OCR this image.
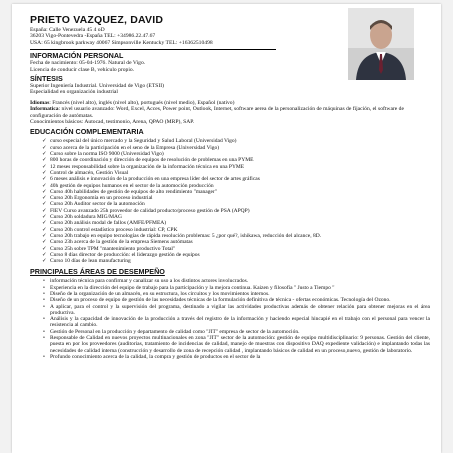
PRIETO VAZQUEZ, DAVID
España: Calle Venezuela 45 4 oD
36203 Vigo-Pontevedra -España TEL: +34986.22.47.67
USA: 65 kingbrook parkway 40067 Simpsonville Kentucky TEL: +16362510498
INFORMACIÓN PERSONAL
Fecha de nacimiento: 05-04-1976. Natural de Vigo.
Licencia de conducir clase B, vehículo propio.
SÍNTESIS
Superior Ingeniería Industrial. Universidad de Vigo (ETSII)
Especialidad en organización industrial
Idiomas: Francés (nivel alto), inglés (nivel alto), portugués (nivel medio), Español (nativo)
Informatica: nivel usuario avanzado: Word, Excel, Acces, Power point, Outlook, Internet, software aerea de la personalización de máquinas de fijación, el software de configuración de autómatas.
Conocimientos básicos: Autocad, testimonio, Arena, QPAO (MRP), SAP.
EDUCACIÓN COMPLEMENTARIA
✓ curso especial del único mercado y la Seguridad y Salud Laboral (Universidad Vigo)
✓ curso acerca de la participación en el seno de la Empresa (Universidad Vigo)
✓ Curso sobre la norma ISO 9000 (Universidad Vigo)
✓ 800 horas de coordinación y dirección de equipos de resolución de problemas en una PYME
✓ 12 meses responsabilidad sobre la organización de la información técnica en una PYME
✓ Control de almacén, Gestión Visual
✓ 6 meses análisis e innovación de la producción en una empresa líder del sector de artes gráficas
✓ 40h gestión de equipos humanos en el sector de la automoción producción
✓ Curso 40h habilidades de gestión de equipos de alto rendimiento "manager"
✓ Curso 20h Ergonomía en un proceso industrial
✓ Curso 20h Auditor sector de la automoción
✓ FIEV Curso avanzado 25h proveedor de calidad producto/proceso gestión de PSA (APQP)
✓ Curso 20h soldadura MIG/MAG
✓ Curso 20h análisis modal de fallos (AMFE/PFMEA)
✓ Curso 20h control estadístico proceso industrial: CP, CPK
✓ Curso 20h trabajo en equipo tecnologías de rápida resolución problemas: 5 ¿por qué?, ishikawa, reducción del alcance, 8D.
✓ Curso 23h acerca de la gestión de la empresa Siemens autómatas
✓ Curso 25h sobre TPM "mantenimiento productivo Total"
✓ Curso 8 días director de producción: el liderazgo gestión de equipos
✓ Curso 10 días de lean manufacturing
PRINCIPALES ÁREAS DE DESEMPEÑO
• información técnica para confirmar y canalizar su uso a los distintos actores involucrados.
• Experiencia en la dirección del equipo de trabajo para la participación y la mejora continua. Kaizen y filosofía " Justo a Tiempo "
• Diseño de la organización de un almacén, en su estructura, los circuitos y los movimientos internos.
• Diseño de un proceso de equipo de gestión de las necesidades técnicas de la formulación definitiva de técnica - ofertas económicas. Tecnología del Ozono.
• A aplicar, para el control y la supervisión del programa, destinado a vigilar las actividades productivas además de obtener relación para obtener mejoras en el área productiva.
• Análisis y la capacidad de innovación de la producción a través del registro de la información y haciendo especial hincapié en el trabajo con el personal para vencer la resistencia al cambio.
• Gestión de Personal en la producción y departamento de calidad como "JIT" empresa de sector de la automoción.
• Responsable de Calidad en nuevos proyectos multinacionales en zona "JIT" sector de la automoción: gestión de equipo multidisciplinario: 9 personas. Gestión del cliente, puesta en por los proveedores (auditorias, tratamiento de incidencias de calidad, manejo de muestras con dispositivo DAQ expediente validación) e implantando todas las necesidades de calidad interna (construcción y desarrollo de zona de recepción calidad , implantando básicos de calidad en un proceso,nuevo, gestión de laboratorio.
• Profundo conocimiento acerca de la calidad, la compra y gestión de productos en el sector de la
